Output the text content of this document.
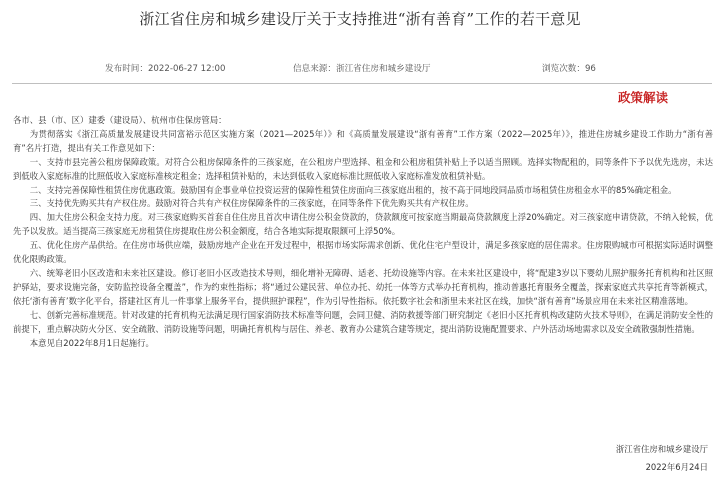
浙江省住房和城乡建设厅关于支持推进“浙有善育”工作的若干意见
发布时间：2022-06-27 12:00	信息来源：浙江省住房和城乡建设厅	浏览次数：96
政策解读

各市、县（市、区）建委（建设局）、杭州市住保房管局：

为贯彻落实《浙江高质量发展建设共同富裕示范区实施方案（2021—2025年）》和《高质量发展建设“浙有善育”工作方案（2022—2025年）》，推进住房城乡建设工作助力“浙有善育”名片打造，提出有关工作意见如下：

一、支持市县完善公租房保障政策。对符合公租房保障条件的三孩家庭，在公租房户型选择、租金和公租房租赁补贴上予以适当照顾。选择实物配租的，同等条件下予以优先选房，未达到低收入家庭标准的比照低收入家庭标准核定租金；选择租赁补贴的，未达到低收入家庭标准比照低收入家庭标准发放租赁补贴。

二、支持完善保障性租赁住房优惠政策。鼓励国有企事业单位投资运营的保障性租赁住房面向三孩家庭出租的，按不高于同地段同品质市场租赁住房租金水平的85%确定租金。

三、支持优先购买共有产权住房。鼓励对符合共有产权住房保障条件的三孩家庭，在同等条件下优先购买共有产权住房。

四、加大住房公积金支持力度。对三孩家庭购买首套自住住房且首次申请住房公积金贷款的，贷款额度可按家庭当期最高贷款额度上浮20%确定。对三孩家庭申请贷款，不纳入轮候，优先予以发放。适当提高三孩家庭无房租赁住房提取住房公积金额度，结合各地实际提取限额可上浮50%。

五、优化住房产品供给。在住房市场供应端，鼓励房地产企业在开发过程中，根据市场实际需求创新、优化住宅户型设计，满足多孩家庭的居住需求。住房限购城市可根据实际适时调整优化限购政策。

六、统筹老旧小区改造和未来社区建设。修订老旧小区改造技术导则，细化增补无障碍、适老、托幼设施等内容。在未来社区建设中，将“配建3岁以下婴幼儿照护服务托育机构和社区照护驿站，要求设施完备，安防监控设备全覆盖”，作为约束性指标；将“通过公建民营、单位办托、幼托一体等方式举办托育机构，推动普惠托育服务全覆盖，探索家庭式共享托育等新模式，依托‘浙有善育’数字化平台，搭建社区育儿一件事掌上服务平台，提供照护课程”，作为引导性指标。依托数字社会和浙里未来社区在线，加快“浙有善育”场景应用在未来社区精准落地。

七、创新完善标准规范。针对改建的托育机构无法满足现行国家消防技术标准等问题，会同卫健、消防救援等部门研究制定《老旧小区托育机构改建防火技术导则》，在满足消防安全性的前提下，重点解决防火分区、安全疏散、消防设施等问题，明确托育机构与居住、养老、教育办公建筑合建等规定，提出消防设施配置要求、户外活动场地需求以及安全疏散强制性措施。

本意见自2022年8月1日起施行。

浙江省住房和城乡建设厅
2022年6月24日
